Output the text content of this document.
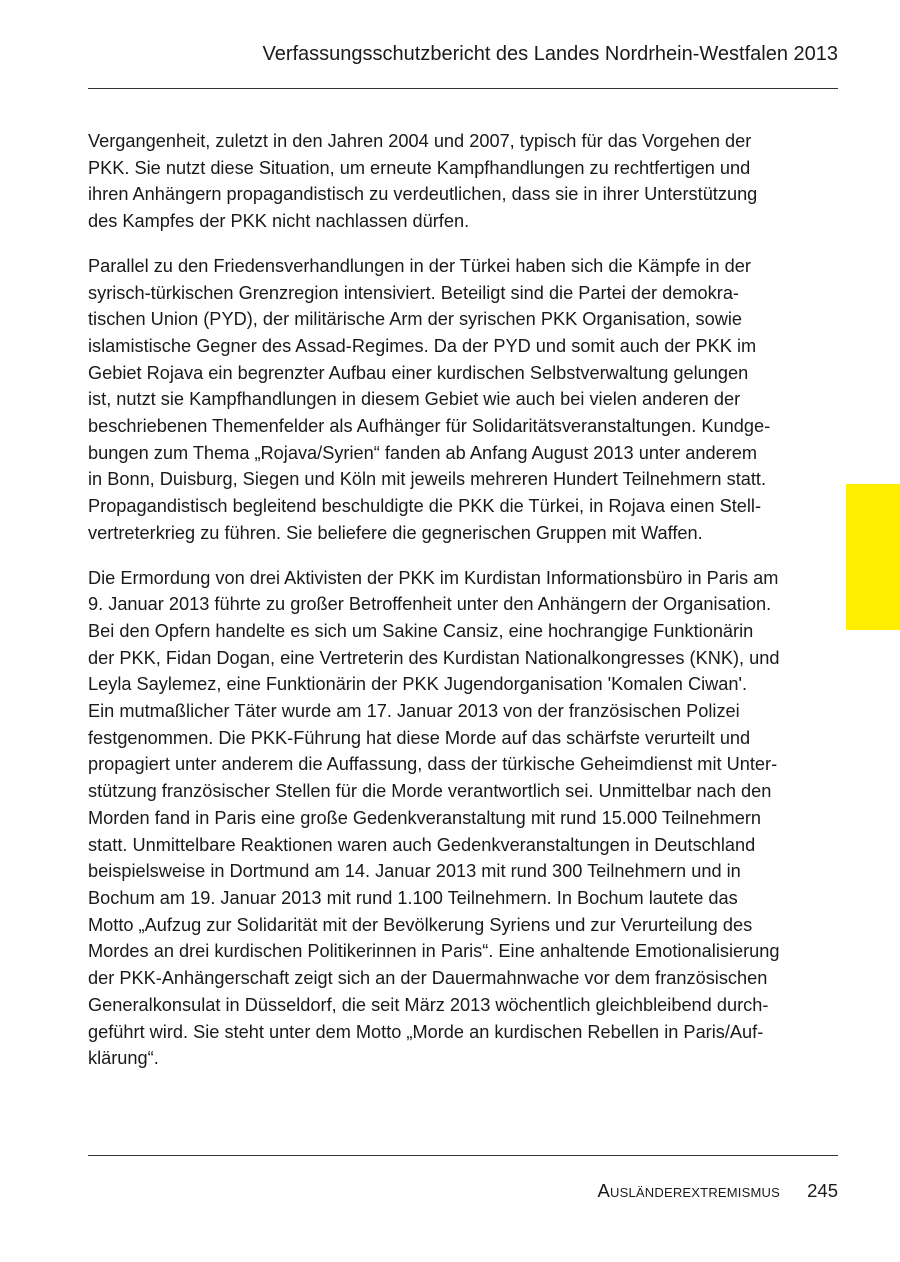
Verfassungsschutzbericht des Landes Nordrhein-Westfalen 2013

Vergangenheit, zuletzt in den Jahren 2004 und 2007, typisch für das Vorgehen der
PKK. Sie nutzt diese Situation, um erneute Kampfhandlungen zu rechtfertigen und
ihren Anhängern propagandistisch zu verdeutlichen, dass sie in ihrer Unterstützung
des Kampfes der PKK nicht nachlassen dürfen.

Parallel zu den Friedensverhandlungen in der Türkei haben sich die Kämpfe in der
syrisch-türkischen Grenzregion intensiviert. Beteiligt sind die Partei der demokra-
tischen Union (PYD), der militärische Arm der syrischen PKK Organisation, sowie
islamistische Gegner des Assad-Regimes. Da der PYD und somit auch der PKK im
Gebiet Rojava ein begrenzter Aufbau einer kurdischen Selbstverwaltung gelungen
ist, nutzt sie Kampfhandlungen in diesem Gebiet wie auch bei vielen anderen der
beschriebenen Themenfelder als Aufhänger für Solidaritätsveranstaltungen. Kundge-
bungen zum Thema „Rojava/Syrien“ fanden ab Anfang August 2013 unter anderem
in Bonn, Duisburg, Siegen und Köln mit jeweils mehreren Hundert Teilnehmern statt.
Propagandistisch begleitend beschuldigte die PKK die Türkei, in Rojava einen Stell-
vertreterkrieg zu führen. Sie beliefere die gegnerischen Gruppen mit Waffen.

Die Ermordung von drei Aktivisten der PKK im Kurdistan Informationsbüro in Paris am
9. Januar 2013 führte zu großer Betroffenheit unter den Anhängern der Organisation.
Bei den Opfern handelte es sich um Sakine Cansiz, eine hochrangige Funktionärin
der PKK, Fidan Dogan, eine Vertreterin des Kurdistan Nationalkongresses (KNK), und
Leyla Saylemez, eine Funktionärin der PKK Jugendorganisation 'Komalen Ciwan'.
Ein mutmaßlicher Täter wurde am 17. Januar 2013 von der französischen Polizei
festgenommen. Die PKK-Führung hat diese Morde auf das schärfste verurteilt und
propagiert unter anderem die Auffassung, dass der türkische Geheimdienst mit Unter-
stützung französischer Stellen für die Morde verantwortlich sei. Unmittelbar nach den
Morden fand in Paris eine große Gedenkveranstaltung mit rund 15.000 Teilnehmern
statt. Unmittelbare Reaktionen waren auch Gedenkveranstaltungen in Deutschland
beispielsweise in Dortmund am 14. Januar 2013 mit rund 300 Teilnehmern und in
Bochum am 19. Januar 2013 mit rund 1.100 Teilnehmern. In Bochum lautete das
Motto „Aufzug zur Solidarität mit der Bevölkerung Syriens und zur Verurteilung des
Mordes an drei kurdischen Politikerinnen in Paris“. Eine anhaltende Emotionalisierung
der PKK-Anhängerschaft zeigt sich an der Dauermahnwache vor dem französischen
Generalkonsulat in Düsseldorf, die seit März 2013 wöchentlich gleichbleibend durch-
geführt wird. Sie steht unter dem Motto „Morde an kurdischen Rebellen in Paris/Auf-
klärung“.

Ausländerextremismus 245
